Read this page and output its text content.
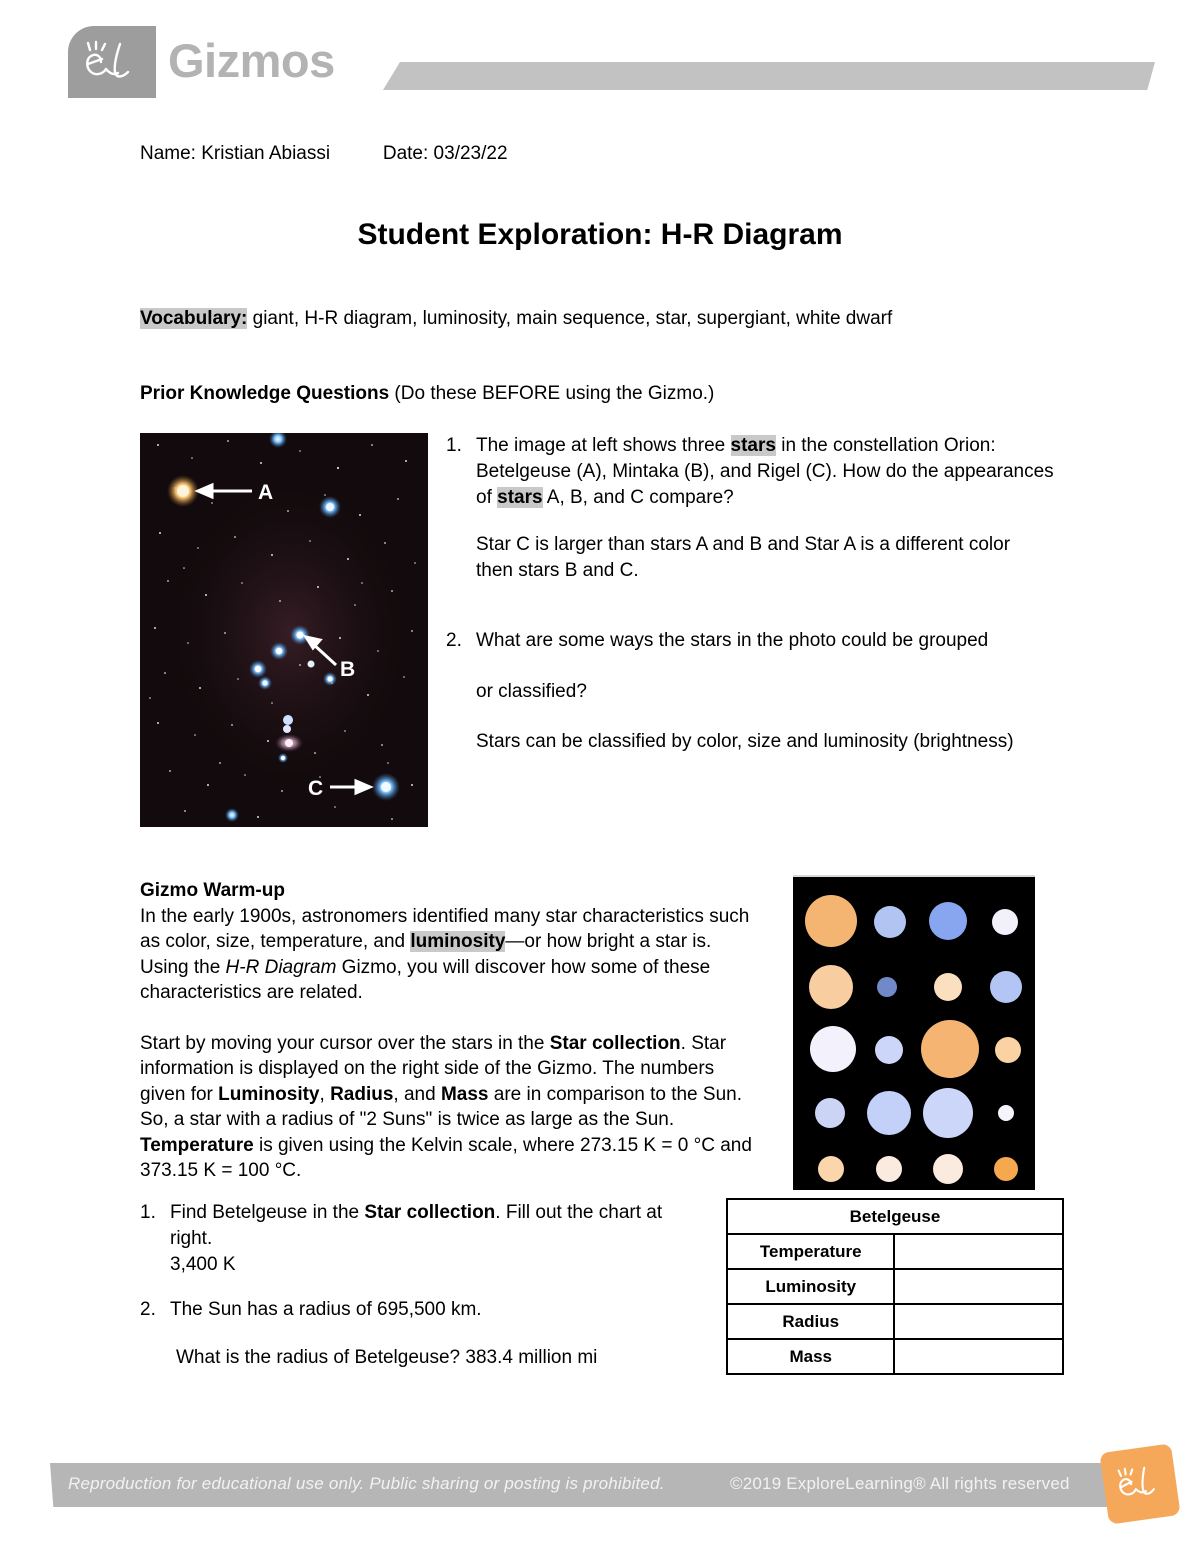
Gizmos
Name: Kristian Abiassi          Date: 03/23/22
Student Exploration: H-R Diagram
Vocabulary: giant, H-R diagram, luminosity, main sequence, star, supergiant, white dwarf
Prior Knowledge Questions (Do these BEFORE using the Gizmo.)
A
B
C
1. The image at left shows three stars in the constellation Orion: Betelgeuse (A), Mintaka (B), and Rigel (C). How do the appearances of stars A, B, and C compare?
Star C is larger than stars A and B and Star A is a different color then stars B and C.
2. What are some ways the stars in the photo could be grouped
or classified?
Stars can be classified by color, size and luminosity (brightness)
Gizmo Warm-up

In the early 1900s, astronomers identified many star characteristics such as color, size, temperature, and luminosity—or how bright a star is. Using the H-R Diagram Gizmo, you will discover how some of these characteristics are related.

Start by moving your cursor over the stars in the Star collection. Star information is displayed on the right side of the Gizmo. The numbers given for Luminosity, Radius, and Mass are in comparison to the Sun. So, a star with a radius of "2 Suns" is twice as large as the Sun. Temperature is given using the Kelvin scale, where 273.15 K = 0 °C and 373.15 K = 100 °C.

1. Find Betelgeuse in the Star collection. Fill out the chart at right.
3,400 K
2. The Sun has a radius of 695,500 km.
What is the radius of Betelgeuse? 383.4 million mi
Betelgeuse	
Temperature	
Luminosity	
Radius	
Mass	
Reproduction for educational use only. Public sharing or posting is prohibited.	©2019 ExploreLearning® All rights reserved
